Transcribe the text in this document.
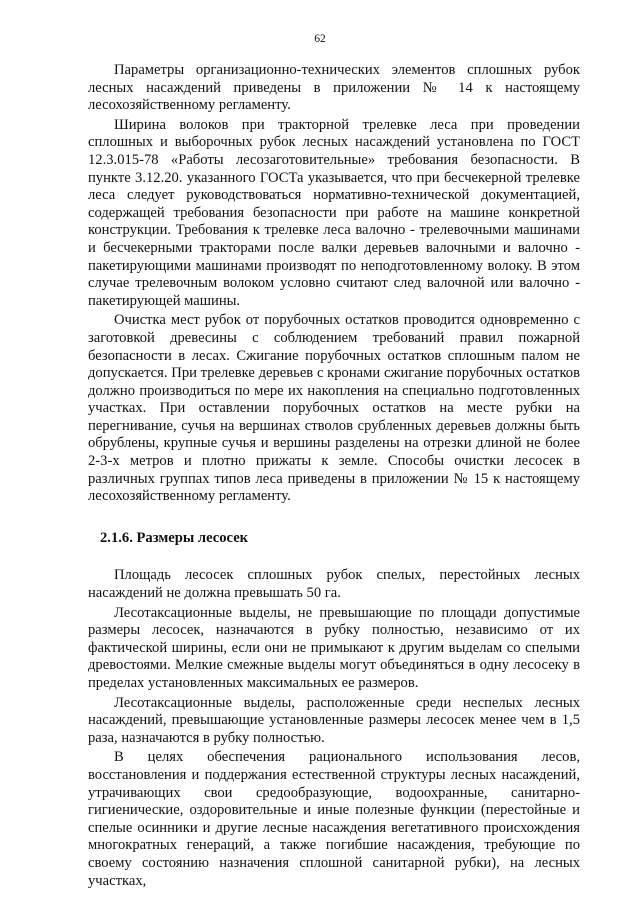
62

Параметры организационно-технических элементов сплошных рубок лесных насаждений приведены в приложении № 14 к настоящему лесохозяйственному регламенту.

Ширина волоков при тракторной трелевке леса при проведении сплошных и выборочных рубок лесных насаждений установлена по ГОСТ 12.3.015-78 «Работы лесозаготовительные» требования безопасности. В пункте 3.12.20. указанного ГОСТа указывается, что при бесчекерной трелевке леса следует руководствоваться нормативно-технической документацией, содержащей требования безопасности при работе на машине конкретной конструкции. Требования к трелевке леса валочно - трелевочными машинами и бесчекерными тракторами после валки деревьев валочными и валочно - пакетирующими машинами производят по неподготовленному волоку. В этом случае трелевочным волоком условно считают след валочной или валочно - пакетирующей машины.

Очистка мест рубок от порубочных остатков проводится одновременно с заготовкой древесины с соблюдением требований правил пожарной безопасности в лесах. Сжигание порубочных остатков сплошным палом не допускается. При трелевке деревьев с кронами сжигание порубочных остатков должно производиться по мере их накопления на специально подготовленных участках. При оставлении порубочных остатков на месте рубки на перегнивание, сучья на вершинах стволов срубленных деревьев должны быть обрублены, крупные сучья и вершины разделены на отрезки длиной не более 2-3-х метров и плотно прижаты к земле. Способы очистки лесосек в различных группах типов леса приведены в приложении № 15 к настоящему лесохозяйственному регламенту.

2.1.6. Размеры лесосек

Площадь лесосек сплошных рубок спелых, перестойных лесных насаждений не должна превышать 50 га.

Лесотаксационные выделы, не превышающие по площади допустимые размеры лесосек, назначаются в рубку полностью, независимо от их фактической ширины, если они не примыкают к другим выделам со спелыми древостоями. Мелкие смежные выделы могут объединяться в одну лесосеку в пределах установленных максимальных ее размеров.

Лесотаксационные выделы, расположенные среди неспелых лесных насаждений, превышающие установленные размеры лесосек менее чем в 1,5 раза, назначаются в рубку полностью.

В целях обеспечения рационального использования лесов, восстановления и поддержания естественной структуры лесных насаждений, утрачивающих свои средообразующие, водоохранные, санитарно-гигиенические, оздоровительные и иные полезные функции (перестойные и спелые осинники и другие лесные насаждения вегетативного происхождения многократных генераций, а также погибшие насаждения, требующие по своему состоянию назначения сплошной санитарной рубки), на лесных участках,
